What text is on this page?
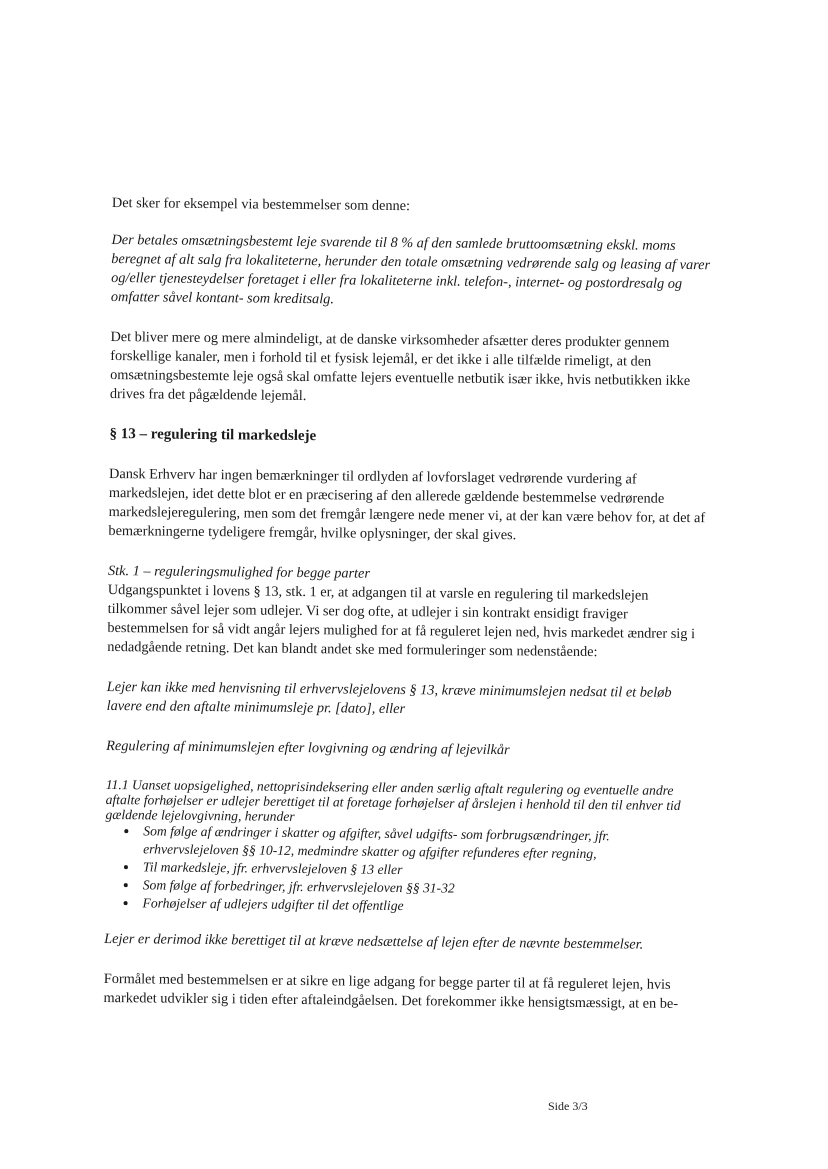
Det sker for eksempel via bestemmelser som denne:

Der betales omsætningsbestemt leje svarende til 8 % af den samlede bruttoomsætning ekskl. moms beregnet af alt salg fra lokaliteterne, herunder den totale omsætning vedrørende salg og leasing af varer og/eller tjenesteydelser foretaget i eller fra lokaliteterne inkl. telefon-, internet- og postordresalg og omfatter såvel kontant- som kreditsalg.

Det bliver mere og mere almindeligt, at de danske virksomheder afsætter deres produkter gennem forskellige kanaler, men i forhold til et fysisk lejemål, er det ikke i alle tilfælde rimeligt, at den omsætningsbestemte leje også skal omfatte lejers eventuelle netbutik især ikke, hvis netbutikken ikke drives fra det pågældende lejemål.

§ 13 – regulering til markedsleje

Dansk Erhverv har ingen bemærkninger til ordlyden af lovforslaget vedrørende vurdering af markedslejen, idet dette blot er en præcisering af den allerede gældende bestemmelse vedrørende markedslejeregulering, men som det fremgår længere nede mener vi, at der kan være behov for, at det af bemærkningerne tydeligere fremgår, hvilke oplysninger, der skal gives.

Stk. 1 – reguleringsmulighed for begge parter

Udgangspunktet i lovens § 13, stk. 1 er, at adgangen til at varsle en regulering til markedslejen tilkommer såvel lejer som udlejer. Vi ser dog ofte, at udlejer i sin kontrakt ensidigt fraviger bestemmelsen for så vidt angår lejers mulighed for at få reguleret lejen ned, hvis markedet ændrer sig i nedadgående retning. Det kan blandt andet ske med formuleringer som nedenstående:

Lejer kan ikke med henvisning til erhvervslejelovens § 13, kræve minimumslejen nedsat til et beløb lavere end den aftalte minimumsleje pr. [dato], eller

Regulering af minimumslejen efter lovgivning og ændring af lejevilkår

11.1 Uanset uopsigelighed, nettoprisindeksering eller anden særlig aftalt regulering og eventuelle andre aftalte forhøjelser er udlejer berettiget til at foretage forhøjelser af årslejen i henhold til den til enhver tid gældende lejelovgivning, herunder

• Som følge af ændringer i skatter og afgifter, såvel udgifts- som forbrugsændringer, jfr. erhvervslejeloven §§ 10-12, medmindre skatter og afgifter refunderes efter regning,
• Til markedsleje, jfr. erhvervslejeloven § 13 eller
• Som følge af forbedringer, jfr. erhvervslejeloven §§ 31-32
• Forhøjelser af udlejers udgifter til det offentlige

Lejer er derimod ikke berettiget til at kræve nedsættelse af lejen efter de nævnte bestemmelser.

Formålet med bestemmelsen er at sikre en lige adgang for begge parter til at få reguleret lejen, hvis markedet udvikler sig i tiden efter aftaleindgåelsen. Det forekommer ikke hensigtsmæssigt, at en be-

Side 3/3
